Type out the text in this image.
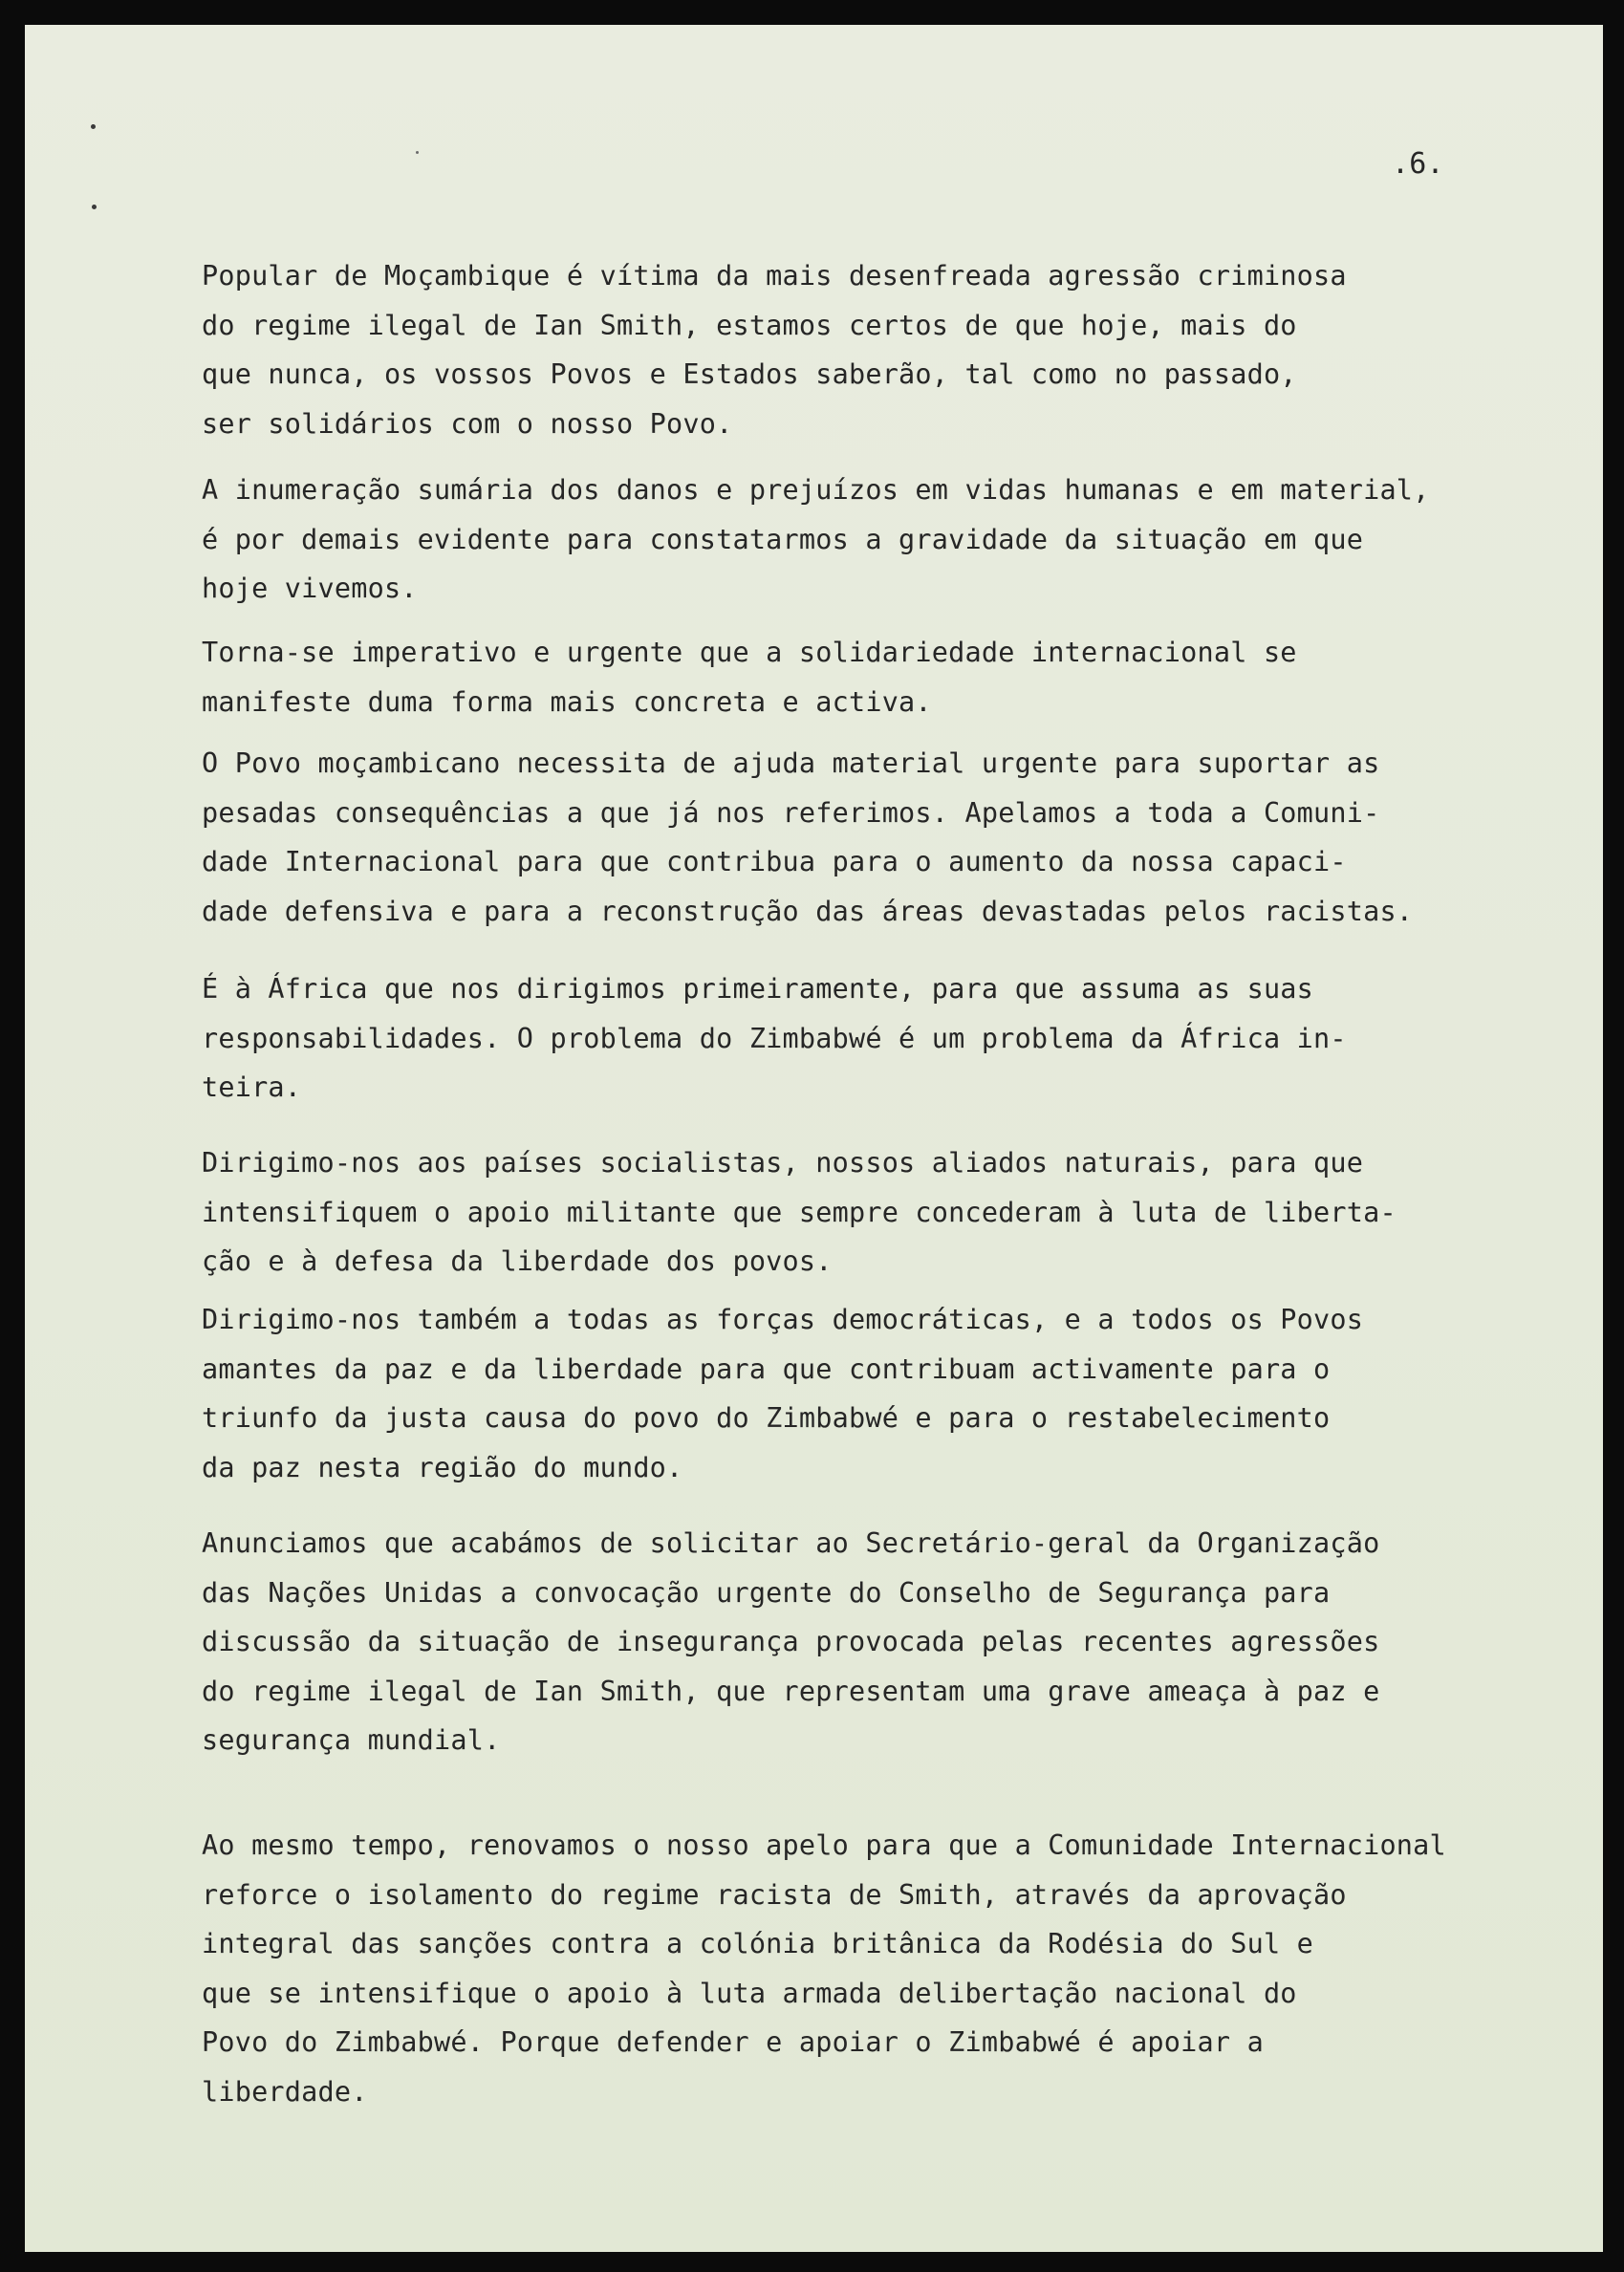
.6.
Popular de Moçambique é vítima da mais desenfreada agressão criminosa
do regime ilegal de Ian Smith, estamos certos de que hoje, mais do
que nunca, os vossos Povos e Estados saberão, tal como no passado,
ser solidários com o nosso Povo.
A inumeração sumária dos danos e prejuízos em vidas humanas e em material,
é por demais evidente para constatarmos a gravidade da situação em que
hoje vivemos.
Torna-se imperativo e urgente que a solidariedade internacional se
manifeste duma forma mais concreta e activa.
O Povo moçambicano necessita de ajuda material urgente para suportar as
pesadas consequências a que já nos referimos. Apelamos a toda a Comuni-
dade Internacional para que contribua para o aumento da nossa capaci-
dade defensiva e para a reconstrução das áreas devastadas pelos racistas.
É à África que nos dirigimos primeiramente, para que assuma as suas
responsabilidades. O problema do Zimbabwé é um problema da África in-
teira.
Dirigimo-nos aos países socialistas, nossos aliados naturais, para que
intensifiquem o apoio militante que sempre concederam à luta de liberta-
ção e à defesa da liberdade dos povos.
Dirigimo-nos também a todas as forças democráticas, e a todos os Povos
amantes da paz e da liberdade para que contribuam activamente para o
triunfo da justa causa do povo do Zimbabwé e para o restabelecimento
da paz nesta região do mundo.
Anunciamos que acabámos de solicitar ao Secretário-geral da Organização
das Nações Unidas a convocação urgente do Conselho de Segurança para
discussão da situação de insegurança provocada pelas recentes agressões
do regime ilegal de Ian Smith, que representam uma grave ameaça à paz e
segurança mundial.
Ao mesmo tempo, renovamos o nosso apelo para que a Comunidade Internacional
reforce o isolamento do regime racista de Smith, através da aprovação
integral das sanções contra a colónia britânica da Rodésia do Sul e
que se intensifique o apoio à luta armada delibertação nacional do
Povo do Zimbabwé. Porque defender e apoiar o Zimbabwé é apoiar a
liberdade.
